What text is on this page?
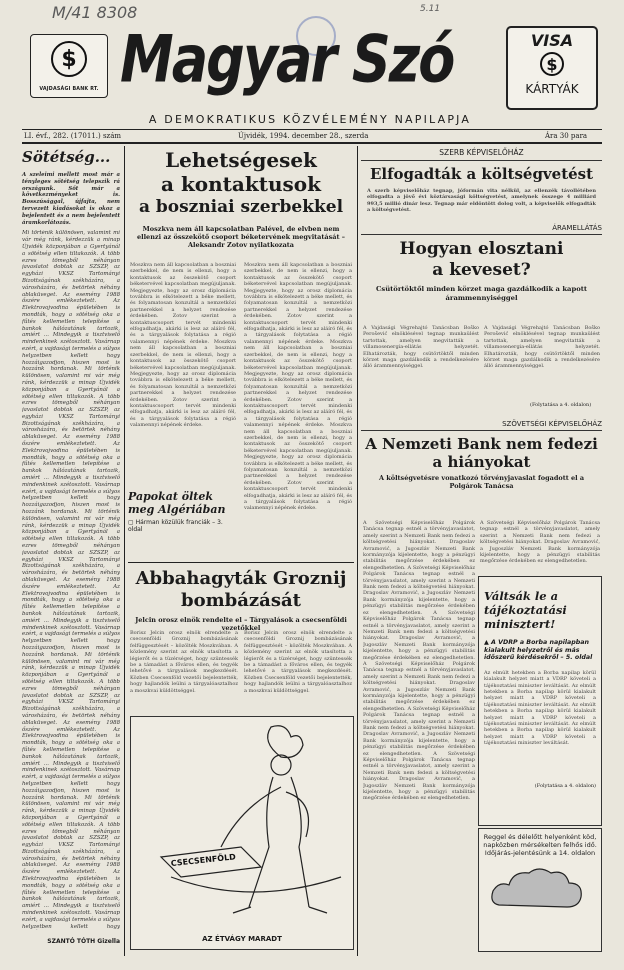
M/41 8308	5.11
$
VAJDASÁGI BANK RT. Magyar Szó	VISA
$
KÁRTYÁK
A DEMOKRATIKUS KÖZVÉLEMÉNY NAPILAPJA
LI. évf., 282. (17011.) szám	Újvidék, 1994. december 28., szerda	Ára 30 para
Sötétség...
A szeleimi mellett most már a tényleges sötétség telepszik rá országunk. Sőt már a következményeket is. Bosszúsággal, újfajta, nem tervezett kiadásokat is okoz a bejelentett és a nem bejelentett áramkorlátozás.
Mi történik különösen, valamint mi vár még ránk, kérdezzük a minap Újvidék közponjában a Gyertyánál a sötétség ellen tiltakozók. A több ezres tömegből néhányan javaslatot dobtak az SZSZP, az egyházi VKSZ Tartományi Bizottságának székházára, a városházára, és betörtek néhány ablaküveget. Az esemény 1988 őszére emlékeztetett. Az Elektrovojvodina épületében is mondták, hogy a sötétség oka a fűtés kellemetlen telepítése a bankok hálózatának tartozik, amiért ... Mindegyik a tisztviselő mindenkinek szétosztott. Vasárnap ezért, a vajdasági termelés a súlyos helyzetben kellett hogy hozzáigazodjon, hiszen most is hozzánk hordanak. Mi történik különösen, valamint mi vár még ránk, kérdezzük a minap Újvidék közponjában a Gyertyánál a sötétség ellen tiltakozók. A több ezres tömegből néhányan javaslatot dobtak az SZSZP, az egyházi VKSZ Tartományi Bizottságának székházára, a városházára, és betörtek néhány ablaküveget. Az esemény 1988 őszére emlékeztetett. Az Elektrovojvodina épületében is mondták, hogy a sötétség oka a fűtés kellemetlen telepítése a bankok hálózatának tartozik, amiért ... Mindegyik a tisztviselő mindenkinek szétosztott. Vasárnap ezért, a vajdasági termelés a súlyos helyzetben kellett hogy hozzáigazodjon, hiszen most is hozzánk hordanak. Mi történik különösen, valamint mi vár még ránk, kérdezzük a minap Újvidék közponjában a Gyertyánál a sötétség ellen tiltakozók. A több ezres tömegből néhányan javaslatot dobtak az SZSZP, az egyházi VKSZ Tartományi Bizottságának székházára, a városházára, és betörtek néhány ablaküveget. Az esemény 1988 őszére emlékeztetett. Az Elektrovojvodina épületében is mondták, hogy a sötétség oka a fűtés kellemetlen telepítése a bankok hálózatának tartozik, amiért ... Mindegyik a tisztviselő mindenkinek szétosztott. Vasárnap ezért, a vajdasági termelés a súlyos helyzetben kellett hogy hozzáigazodjon, hiszen most is hozzánk hordanak. Mi történik különösen, valamint mi vár még ránk, kérdezzük a minap Újvidék közponjában a Gyertyánál a sötétség ellen tiltakozók. A több ezres tömegből néhányan javaslatot dobtak az SZSZP, az egyházi VKSZ Tartományi Bizottságának székházára, a városházára, és betörtek néhány ablaküveget. Az esemény 1988 őszére emlékeztetett. Az Elektrovojvodina épületében is mondták, hogy a sötétség oka a fűtés kellemetlen telepítése a bankok hálózatának tartozik, amiért ... Mindegyik a tisztviselő mindenkinek szétosztott. Vasárnap ezért, a vajdasági termelés a súlyos helyzetben kellett hogy hozzáigazodjon, hiszen most is hozzánk hordanak. Mi történik különösen, valamint mi vár még ránk, kérdezzük a minap Újvidék közponjában a Gyertyánál a sötétség ellen tiltakozók. A több ezres tömegből néhányan javaslatot dobtak az SZSZP, az egyházi VKSZ Tartományi Bizottságának székházára, a városházára, és betörtek néhány ablaküveget. Az esemény 1988 őszére emlékeztetett. Az Elektrovojvodina épületében is mondták, hogy a sötétség oka a fűtés kellemetlen telepítése a bankok hálózatának tartozik, amiért ... Mindegyik a tisztviselő mindenkinek szétosztott. Vasárnap ezért, a vajdasági termelés a súlyos helyzetben kellett hogy
SZANTÓ TÓTH Gizella
Lehetségesek
a kontaktusok
a boszniai szerbekkel
Moszkva nem áll kapcsolatban Palével, de elvben nem ellenzi az összekötő csoport béketervének megvitatását – Aleksandr Zotov nyilatkozata
Moszkva nem áll kapcsolatban a boszniai szerbekkel, de nem is ellenzi, hogy a kontaktusok az összekötő csoport béketervével kapcsolatban megújuljanak. Megjegyezte, hogy az orosz diplomácia továbbra is elkötelezett a béke mellett, és folyamatosan konzultál a nemzetközi partnerekkel a helyzet rendezése érdekében. Zotov szerint a kontaktuscsoport tervét mindenki elfogadhatja, akárki is lesz az aláíró fél, és a tárgyalások folytatása a régió valamennyi népének érdeke. Moszkva nem áll kapcsolatban a boszniai szerbekkel, de nem is ellenzi, hogy a kontaktusok az összekötő csoport béketervével kapcsolatban megújuljanak. Megjegyezte, hogy az orosz diplomácia továbbra is elkötelezett a béke mellett, és folyamatosan konzultál a nemzetközi partnerekkel a helyzet rendezése érdekében. Zotov szerint a kontaktuscsoport tervét mindenki elfogadhatja, akárki is lesz az aláíró fél, és a tárgyalások folytatása a régió valamennyi népének érdeke.
Moszkva nem áll kapcsolatban a boszniai szerbekkel, de nem is ellenzi, hogy a kontaktusok az összekötő csoport béketervével kapcsolatban megújuljanak. Megjegyezte, hogy az orosz diplomácia továbbra is elkötelezett a béke mellett, és folyamatosan konzultál a nemzetközi partnerekkel a helyzet rendezése érdekében. Zotov szerint a kontaktuscsoport tervét mindenki elfogadhatja, akárki is lesz az aláíró fél, és a tárgyalások folytatása a régió valamennyi népének érdeke. Moszkva nem áll kapcsolatban a boszniai szerbekkel, de nem is ellenzi, hogy a kontaktusok az összekötő csoport béketervével kapcsolatban megújuljanak. Megjegyezte, hogy az orosz diplomácia továbbra is elkötelezett a béke mellett, és folyamatosan konzultál a nemzetközi partnerekkel a helyzet rendezése érdekében. Zotov szerint a kontaktuscsoport tervét mindenki elfogadhatja, akárki is lesz az aláíró fél, és a tárgyalások folytatása a régió valamennyi népének érdeke. Moszkva nem áll kapcsolatban a boszniai szerbekkel, de nem is ellenzi, hogy a kontaktusok az összekötő csoport béketervével kapcsolatban megújuljanak. Megjegyezte, hogy az orosz diplomácia továbbra is elkötelezett a béke mellett, és folyamatosan konzultál a nemzetközi partnerekkel a helyzet rendezése érdekében. Zotov szerint a kontaktuscsoport tervét mindenki elfogadhatja, akárki is lesz az aláíró fél, és a tárgyalások folytatása a régió valamennyi népének érdeke.
Papokat öltek meg Algériában
▢ Hárman közülük franciák – 3. oldal
Abbahagyták Groznij
bombázását
Jelcin orosz elnök rendelte el – Tárgyalások a csecsenföldi vezetőkkel
Borisz Jelcin orosz elnök elrendelte a csecsenföldi Groznij bombázásának felfüggesztését – közölték Moszkvában. A közlemény szerint az elnök utasította a légierőt és a tüzérséget, hogy szüntessék be a támadást a főváros ellen, és tegyék lehetővé a tárgyalások megkezdését. Közben Csecsenföld vezetői bejelentették, hogy hajlandók leülni a tárgyalóasztalhoz a moszkvai küldöttséggel.
Borisz Jelcin orosz elnök elrendelte a csecsenföldi Groznij bombázásának felfüggesztését – közölték Moszkvában. A közlemény szerint az elnök utasította a légierőt és a tüzérséget, hogy szüntessék be a támadást a főváros ellen, és tegyék lehetővé a tárgyalások megkezdését. Közben Csecsenföld vezetői bejelentették, hogy hajlandók leülni a tárgyalóasztalhoz a moszkvai küldöttséggel.
CSECSENFÖLD
AZ ÉTVÁGY MARADT
SZERB KÉPVISELŐHÁZ
Elfogadták a költségvetést
A szerb képviselőház tegnap, jóformán vita nélkül, az ellenzék távollétében elfogadta a jövő évi köztársasági költségvetést, amelynek összege 4 milliárd 993,5 millió dinár lesz. Tegnap már eldöntött dolog volt, a képviselők elfogadták a költségvetést.
ÁRAMELLÁTÁS
Hogyan elosztani
a keveset?
Csütörtöktől minden körzet maga gazdálkodik a kapott árammennyiséggel
A Vajdasági Végrehajtó Tanácsban Boško Perošević elnöklésével tegnap munkaülést tartottak, amelyen megvitatták a villamosenergia-ellátás helyzetét. Elhatározták, hogy csütörtöktől minden körzet maga gazdálkodik a rendelkezésére álló árammennyiséggel.
A Vajdasági Végrehajtó Tanácsban Boško Perošević elnöklésével tegnap munkaülést tartottak, amelyen megvitatták a villamosenergia-ellátás helyzetét. Elhatározták, hogy csütörtöktől minden körzet maga gazdálkodik a rendelkezésére álló árammennyiséggel.
(Folytatása a 4. oldalon)
SZÖVETSÉGI KÉPVISELŐHÁZ
A Nemzeti Bank nem fedezi
a hiányokat
A költségvetésre vonatkozó törvényjavaslat fogadott el a Polgárok Tanácsa
A Szövetségi Képviselőház Polgárok Tanácsa tegnap estnél a törvényjavaslatot, amely szerint a Nemzeti Bank nem fedezi a költségvetési hiányokat. Dragoslav Avramović, a Jugoszláv Nemzeti Bank kormányzója kijelentette, hogy a pénzügyi stabilitás megőrzése érdekében ez elengedhetetlen. A Szövetségi Képviselőház Polgárok Tanácsa tegnap estnél a törvényjavaslatot, amely szerint a Nemzeti Bank nem fedezi a költségvetési hiányokat. Dragoslav Avramović, a Jugoszláv Nemzeti Bank kormányzója kijelentette, hogy a pénzügyi stabilitás megőrzése érdekében ez elengedhetetlen. A Szövetségi Képviselőház Polgárok Tanácsa tegnap estnél a törvényjavaslatot, amely szerint a Nemzeti Bank nem fedezi a költségvetési hiányokat. Dragoslav Avramović, a Jugoszláv Nemzeti Bank kormányzója kijelentette, hogy a pénzügyi stabilitás megőrzése érdekében ez elengedhetetlen. A Szövetségi Képviselőház Polgárok Tanácsa tegnap estnél a törvényjavaslatot, amely szerint a Nemzeti Bank nem fedezi a költségvetési hiányokat. Dragoslav Avramović, a Jugoszláv Nemzeti Bank kormányzója kijelentette, hogy a pénzügyi stabilitás megőrzése érdekében ez elengedhetetlen. A Szövetségi Képviselőház Polgárok Tanácsa tegnap estnél a törvényjavaslatot, amely szerint a Nemzeti Bank nem fedezi a költségvetési hiányokat. Dragoslav Avramović, a Jugoszláv Nemzeti Bank kormányzója kijelentette, hogy a pénzügyi stabilitás megőrzése érdekében ez elengedhetetlen. A Szövetségi Képviselőház Polgárok Tanácsa tegnap estnél a törvényjavaslatot, amely szerint a Nemzeti Bank nem fedezi a költségvetési hiányokat. Dragoslav Avramović, a Jugoszláv Nemzeti Bank kormányzója kijelentette, hogy a pénzügyi stabilitás megőrzése érdekében ez elengedhetetlen.
A Szövetségi Képviselőház Polgárok Tanácsa tegnap estnél a törvényjavaslatot, amely szerint a Nemzeti Bank nem fedezi a költségvetési hiányokat. Dragoslav Avramović, a Jugoszláv Nemzeti Bank kormányzója kijelentette, hogy a pénzügyi stabilitás megőrzése érdekében ez elengedhetetlen.
Váltsák le a tájékoztatási minisztert!
▲ A VDRP a Borba napilapban kialakult helyzetről és más időszerű kérdésekről – 5. oldal
Az elmúlt hetekben a Borba napilap körül kialakult helyzet miatt a VDRP követeli a tájékoztatási miniszter leváltását. Az elmúlt hetekben a Borba napilap körül kialakult helyzet miatt a VDRP követeli a tájékoztatási miniszter leváltását. Az elmúlt hetekben a Borba napilap körül kialakult helyzet miatt a VDRP követeli a tájékoztatási miniszter leváltását. Az elmúlt hetekben a Borba napilap körül kialakult helyzet miatt a VDRP követeli a tájékoztatási miniszter leváltását.
(Folytatása a 4. oldalon)
Reggel és délelőtt helyenként köd, napközben mérsékelten felhős idő. Időjárás-jelentésünk a 14. oldalon
